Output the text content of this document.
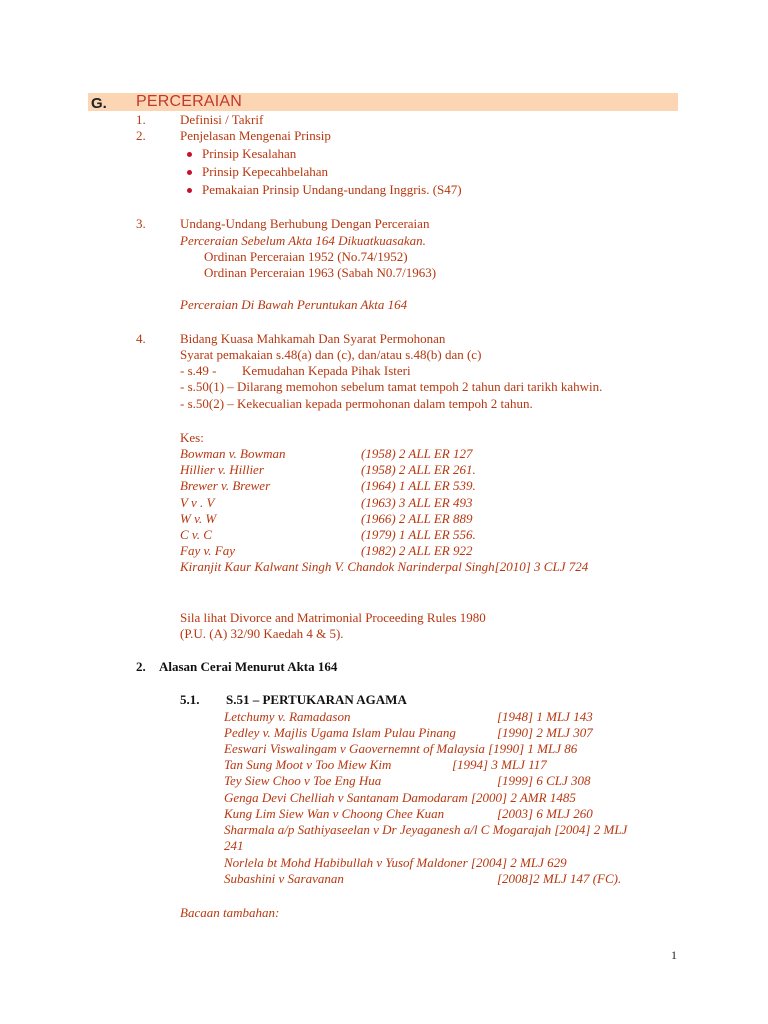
G. PERCERAIAN
1.	Definisi / Takrif
2.	Penjelasan Mengenai Prinsip
Prinsip Kesalahan
Prinsip Kepecahbelahan
Pemakaian Prinsip Undang-undang Inggris. (S47)
3.	Undang-Undang Berhubung Dengan Perceraian
Perceraian Sebelum Akta 164 Dikuatkuasakan.
Ordinan Perceraian 1952 (No.74/1952)
Ordinan Perceraian 1963 (Sabah N0.7/1963)
Perceraian Di Bawah Peruntukan Akta 164
4.	Bidang Kuasa Mahkamah Dan Syarat Permohonan
Syarat pemakaian s.48(a) dan (c), dan/atau s.48(b) dan (c)
- s.49 - Kemudahan Kepada Pihak Isteri
- s.50(1) – Dilarang memohon sebelum tamat tempoh 2 tahun dari tarikh kahwin.
- s.50(2) – Kekecualian kepada permohonan dalam tempoh 2 tahun.
Kes:
Bowman v. Bowman	(1958) 2 ALL ER 127
Hillier v. Hillier	(1958) 2 ALL ER 261.
Brewer v. Brewer	(1964) 1 ALL ER 539.
V v . V	(1963) 3 ALL ER 493
W v. W	(1966) 2 ALL ER 889
C v. C	(1979) 1 ALL ER 556.
Fay v. Fay	(1982) 2 ALL ER 922
Kiranjit Kaur Kalwant Singh V. Chandok Narinderpal Singh[2010] 3 CLJ 724
Sila lihat Divorce and Matrimonial Proceeding Rules 1980
(P.U. (A) 32/90 Kaedah 4 & 5).
2. Alasan Cerai Menurut Akta 164
5.1. S.51 – PERTUKARAN AGAMA
Letchumy v. Ramadason	[1948] 1 MLJ 143
Pedley v. Majlis Ugama Islam Pulau Pinang	[1990] 2 MLJ 307
Eeswari Viswalingam v Gaovernemnt of Malaysia [1990] 1 MLJ 86
Tan Sung Moot v Too Miew Kim	[1994] 3 MLJ 117
Tey Siew Choo v Toe Eng Hua	[1999] 6 CLJ 308
Genga Devi Chelliah v Santanam Damodaram [2000] 2 AMR 1485
Kung Lim Siew Wan v Choong Chee Kuan	[2003] 6 MLJ 260
Sharmala a/p Sathiyaseelan v Dr Jeyaganesh a/l C Mogarajah [2004] 2 MLJ
241
Norlela bt Mohd Habibullah v Yusof Maldoner [2004] 2 MLJ 629
Subashini v Saravanan	[2008]2 MLJ 147 (FC).
Bacaan tambahan:
1
